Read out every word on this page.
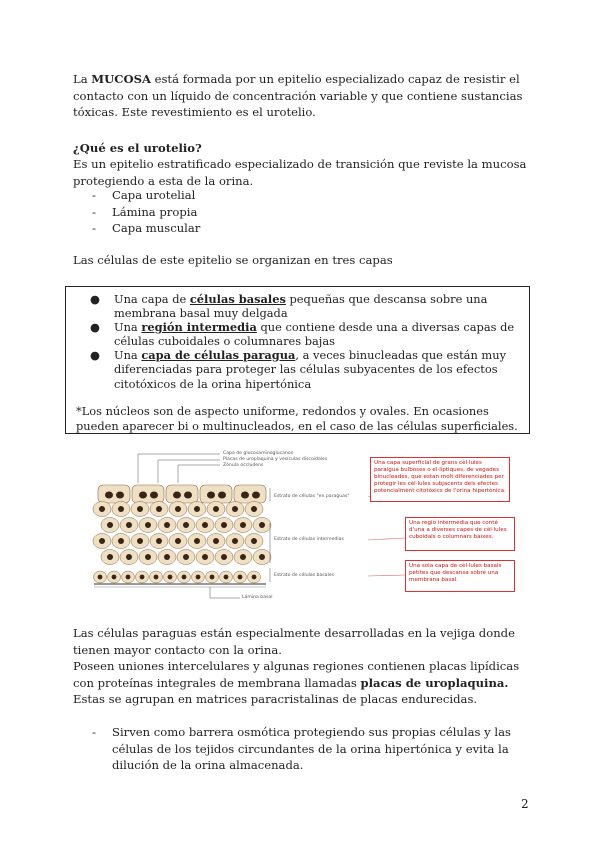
La MUCOSA está formada por un epitelio especializado capaz de resistir el contacto con un líquido de concentración variable y que contiene sustancias tóxicas. Este revestimiento es el urotelio.
¿Qué es el urotelio?
Es un epitelio estratificado especializado de transición que reviste la mucosa protegiendo a esta de la orina.
- Capa urotelial
- Lámina propia
- Capa muscular
Las células de este epitelio se organizan en tres capas
● Una capa de células basales pequeñas que descansa sobre una membrana basal muy delgada
● Una región intermedia que contiene desde una a diversas capas de células cuboidales o columnares bajas
● Una capa de células paragua, a veces binucleadas que están muy diferenciadas para proteger las células subyacentes de los efectos citotóxicos de la orina hipertónica
*Los núcleos son de aspecto uniforme, redondos y ovales. En ocasiones pueden aparecer bi o multinucleados, en el caso de las células superficiales.
Capa de glucosaminoglucanos
Placas de uroplaquina y vesículas discoidales
Zónula occludens
Estrato de células "en paraguas"
Estrato de células intermedias
Estrato de células basales
Lámina basal
Una capa superficial de grans cèl·lules paraigua bulboses o el·líptiques, de vegades binucleades, que estan molt diferenciades per protegir les cèl·lules subjacents dels efectes potencialment citotòxics de l'orina hipertònica.
Una regió intermèdia que conté d'una a diverses capes de cèl·lules cuboidals o columnars baixes.
Una sola capa de cèl·lules basals petites que descansa sobre una membrana basal.
Las células paraguas están especialmente desarrolladas en la vejiga donde tienen mayor contacto con la orina.
Poseen uniones intercelulares y algunas regiones contienen placas lipídicas con proteínas integrales de membrana llamadas placas de uroplaquina. Estas se agrupan en matrices paracristalinas de placas endurecidas.
-	Sirven como barrera osmótica protegiendo sus propias células y las células de los tejidos circundantes de la orina hipertónica y evita la dilución de la orina almacenada.
2
